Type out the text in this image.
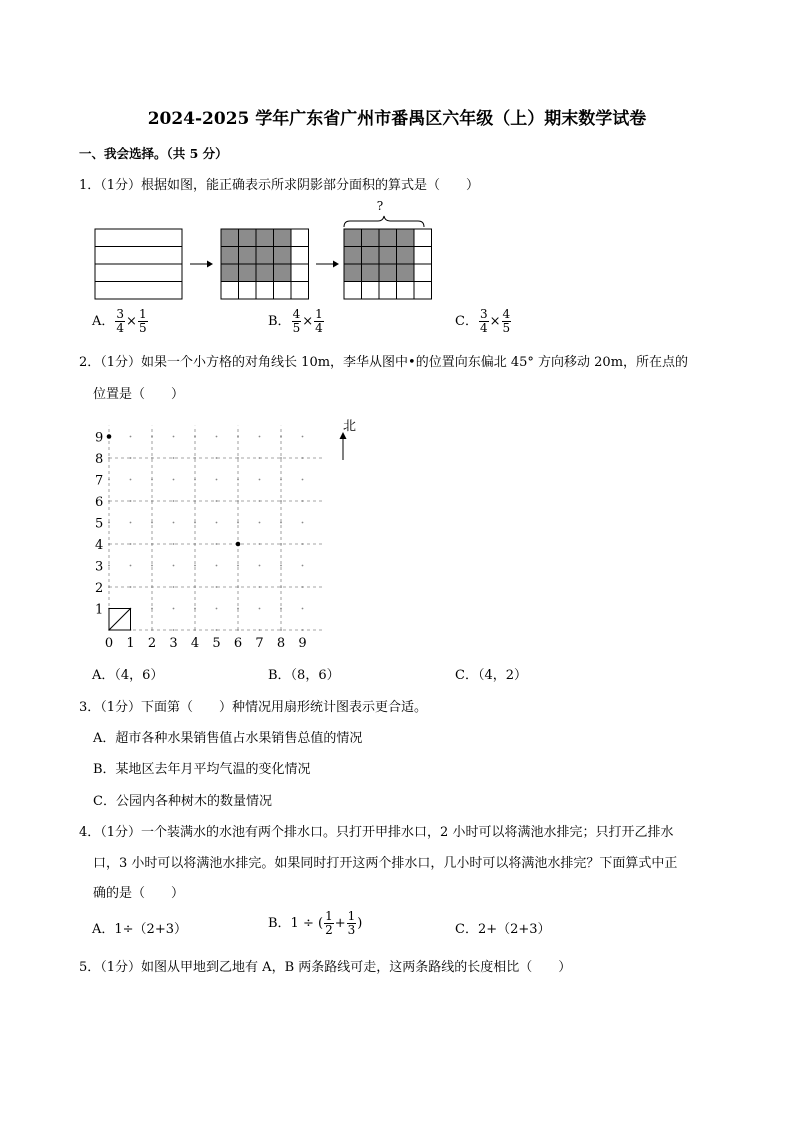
2024-2025 学年广东省广州市番禺区六年级（上）期末数学试卷
一、我会选择。（共 5 分）
1．（1分）根据如图，能正确表示所求阴影部分面积的算式是（　　）
?
A． $\frac{3}{4} \times \frac{1}{5}$	B． $\frac{4}{5} \times \frac{1}{4}$	C． $\frac{3}{4} \times \frac{4}{5}$
2．（1分）如果一个小方格的对角线长 10m，李华从图中•的位置向东偏北 45° 方向移动 20m，所在点的
位置是（　　）
9
8
7
6
5
4
3
2
1
0 1 2 3 4 5 6 7 8 9
北
A．（4，6）	B．（8，6）	C．（4，2）
3．（1分）下面第（　　）种情况用扇形统计图表示更合适。
A．超市各种水果销售值占水果销售总值的情况
B．某地区去年月平均气温的变化情况
C．公园内各种树木的数量情况
4．（1分）一个装满水的水池有两个排水口。只打开甲排水口，2 小时可以将满池水排完；只打开乙排水
口，3 小时可以将满池水排完。如果同时打开这两个排水口，几小时可以将满池水排完？下面算式中正
确的是（　　）
A．1÷（2+3）	B．1 ÷ ( $\frac{1}{2} + \frac{1}{3}$ )	C．2+（2+3）
5．（1分）如图从甲地到乙地有 A，B 两条路线可走，这两条路线的长度相比（　　）
